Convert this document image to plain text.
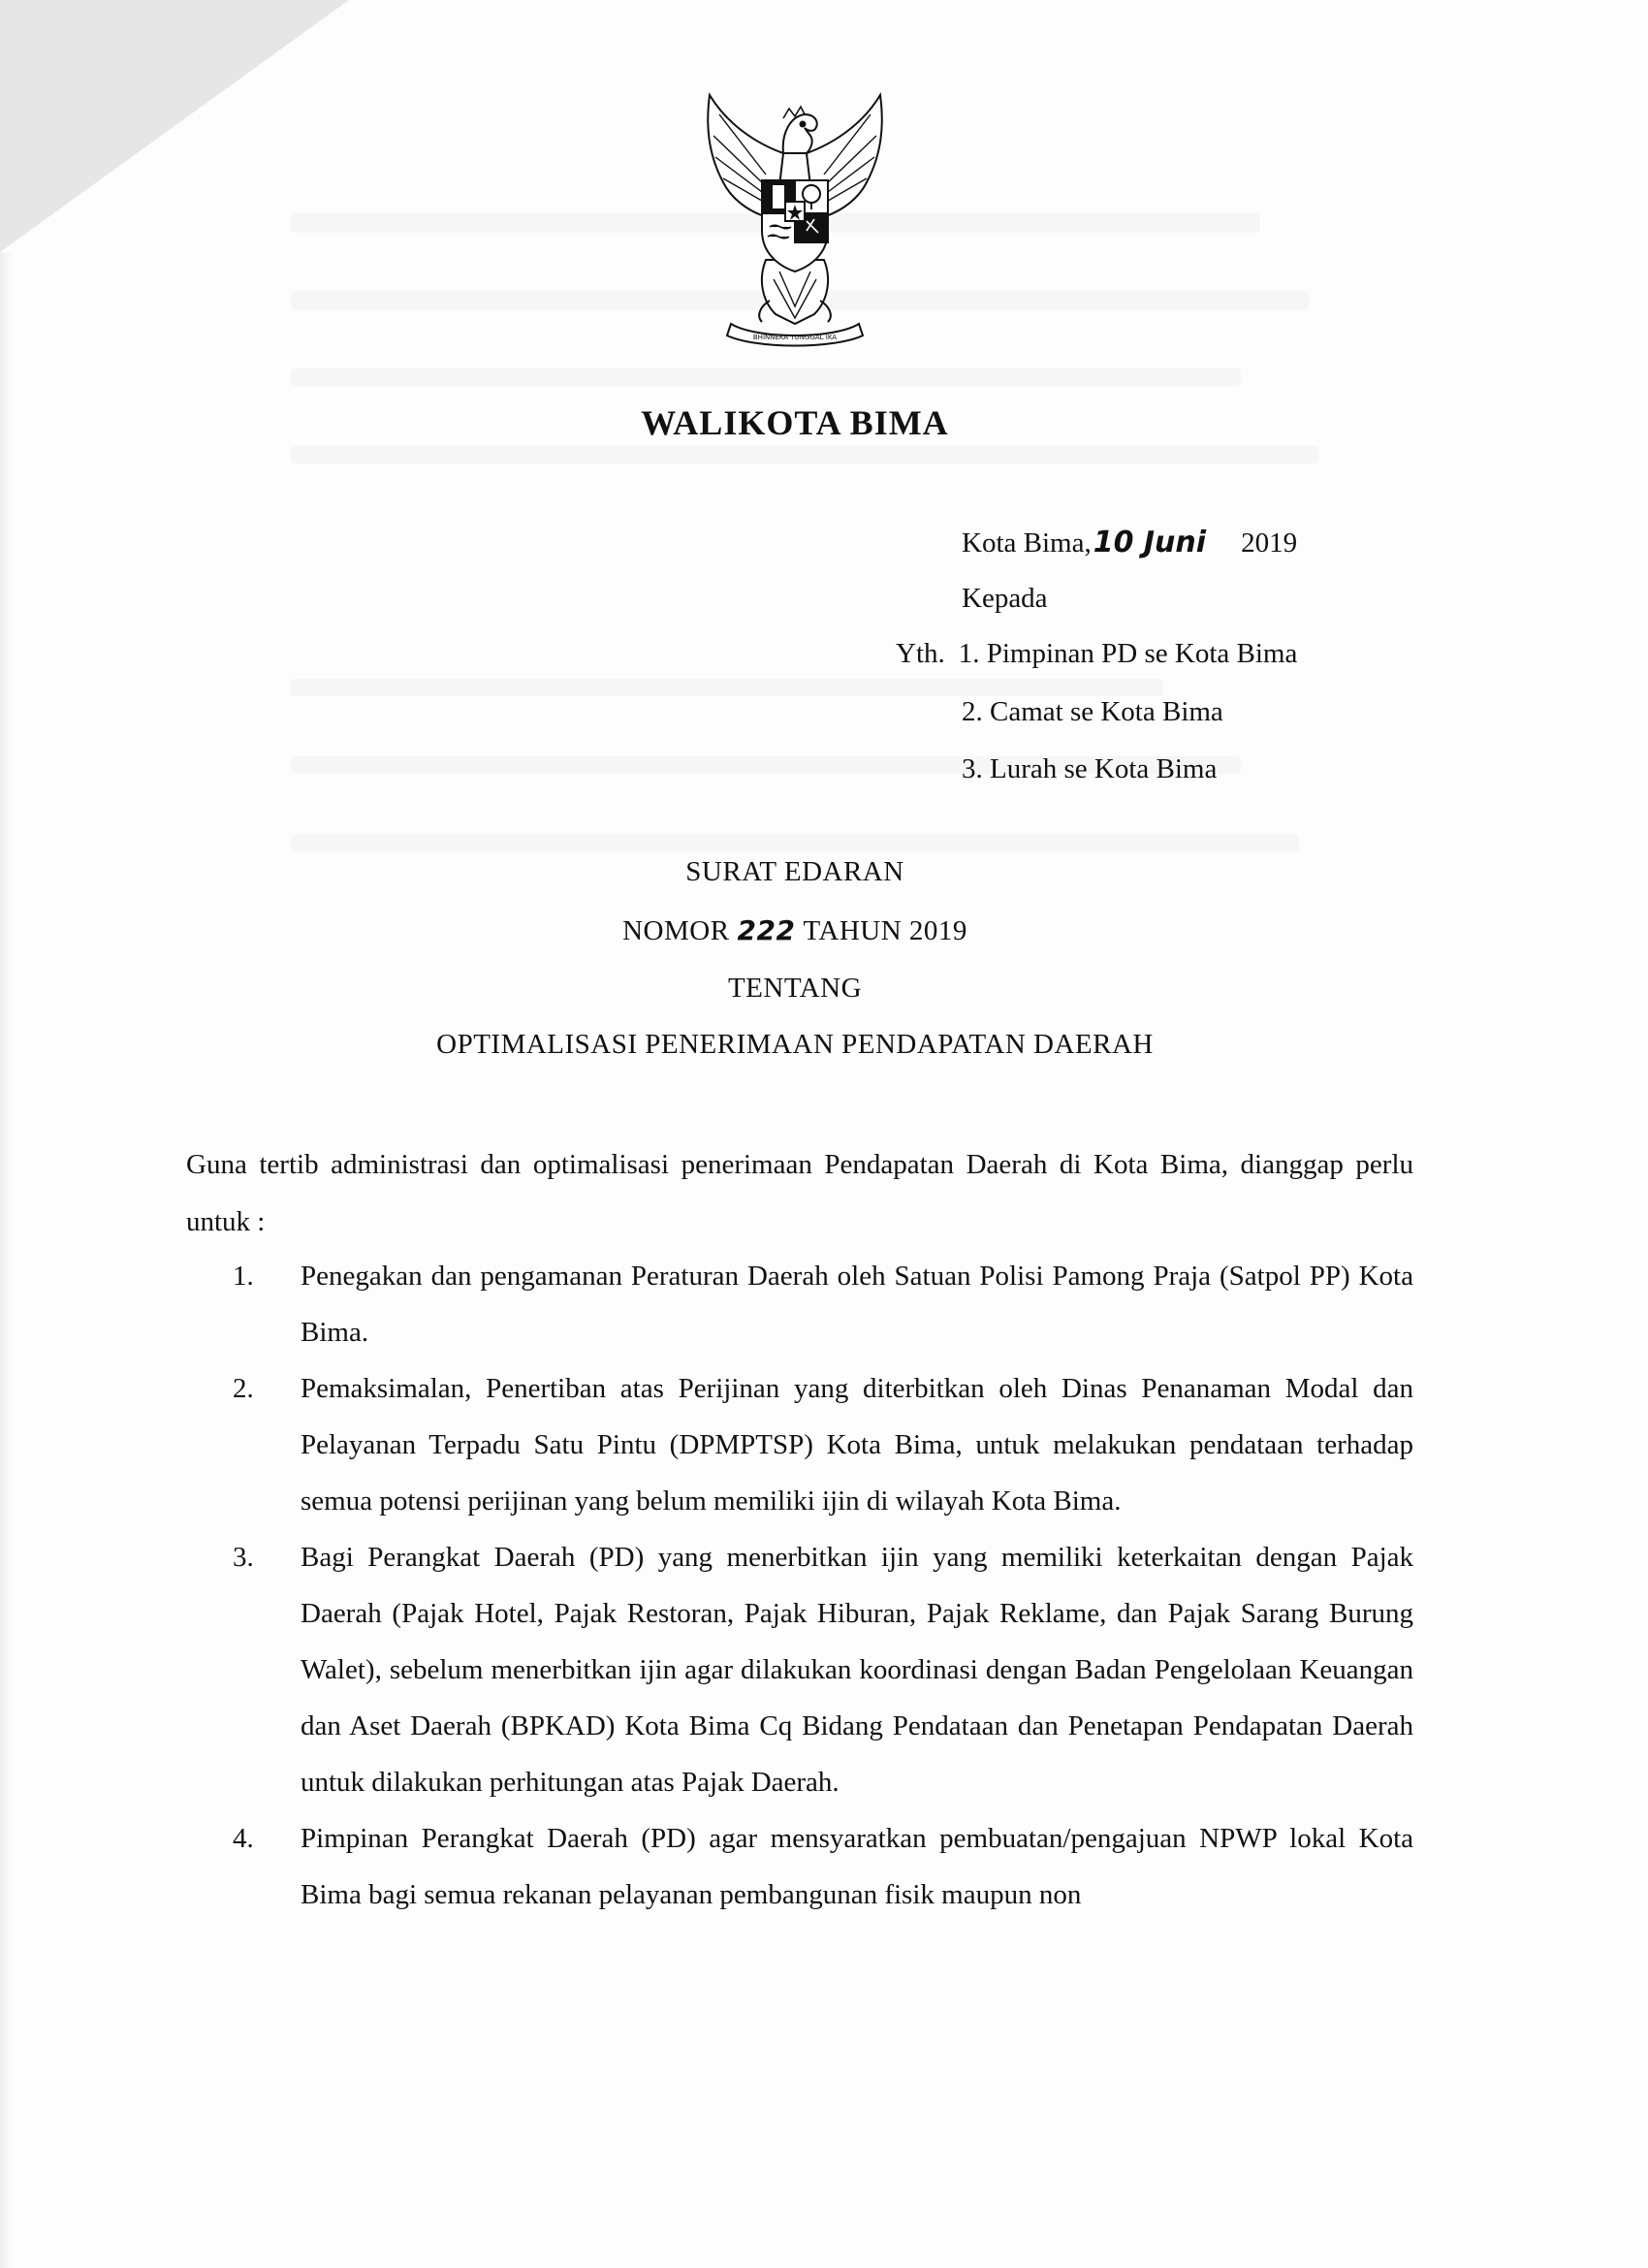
BHINNEKA TUNGGAL IKA
WALIKOTA BIMA
Kota Bima,10 Juni 2019
Kepada
Yth. 1. Pimpinan PD se Kota Bima
2. Camat se Kota Bima
3. Lurah se Kota Bima
SURAT EDARAN
NOMOR 222 TAHUN 2019
TENTANG
OPTIMALISASI PENERIMAAN PENDAPATAN DAERAH
Guna tertib administrasi dan optimalisasi penerimaan Pendapatan Daerah di Kota Bima, dianggap perlu untuk :
1. Penegakan dan pengamanan Peraturan Daerah oleh Satuan Polisi Pamong Praja (Satpol PP) Kota Bima.
2. Pemaksimalan, Penertiban atas Perijinan yang diterbitkan oleh Dinas Penanaman Modal dan Pelayanan Terpadu Satu Pintu (DPMPTSP) Kota Bima, untuk melakukan pendataan terhadap semua potensi perijinan yang belum memiliki ijin di wilayah Kota Bima.
3. Bagi Perangkat Daerah (PD) yang menerbitkan ijin yang memiliki keterkaitan dengan Pajak Daerah (Pajak Hotel, Pajak Restoran, Pajak Hiburan, Pajak Reklame, dan Pajak Sarang Burung Walet), sebelum menerbitkan ijin agar dilakukan koordinasi dengan Badan Pengelolaan Keuangan dan Aset Daerah (BPKAD) Kota Bima Cq Bidang Pendataan dan Penetapan Pendapatan Daerah untuk dilakukan perhitungan atas Pajak Daerah.
4. Pimpinan Perangkat Daerah (PD) agar mensyaratkan pembuatan/pengajuan NPWP lokal Kota Bima bagi semua rekanan pelayanan pembangunan fisik maupun non
